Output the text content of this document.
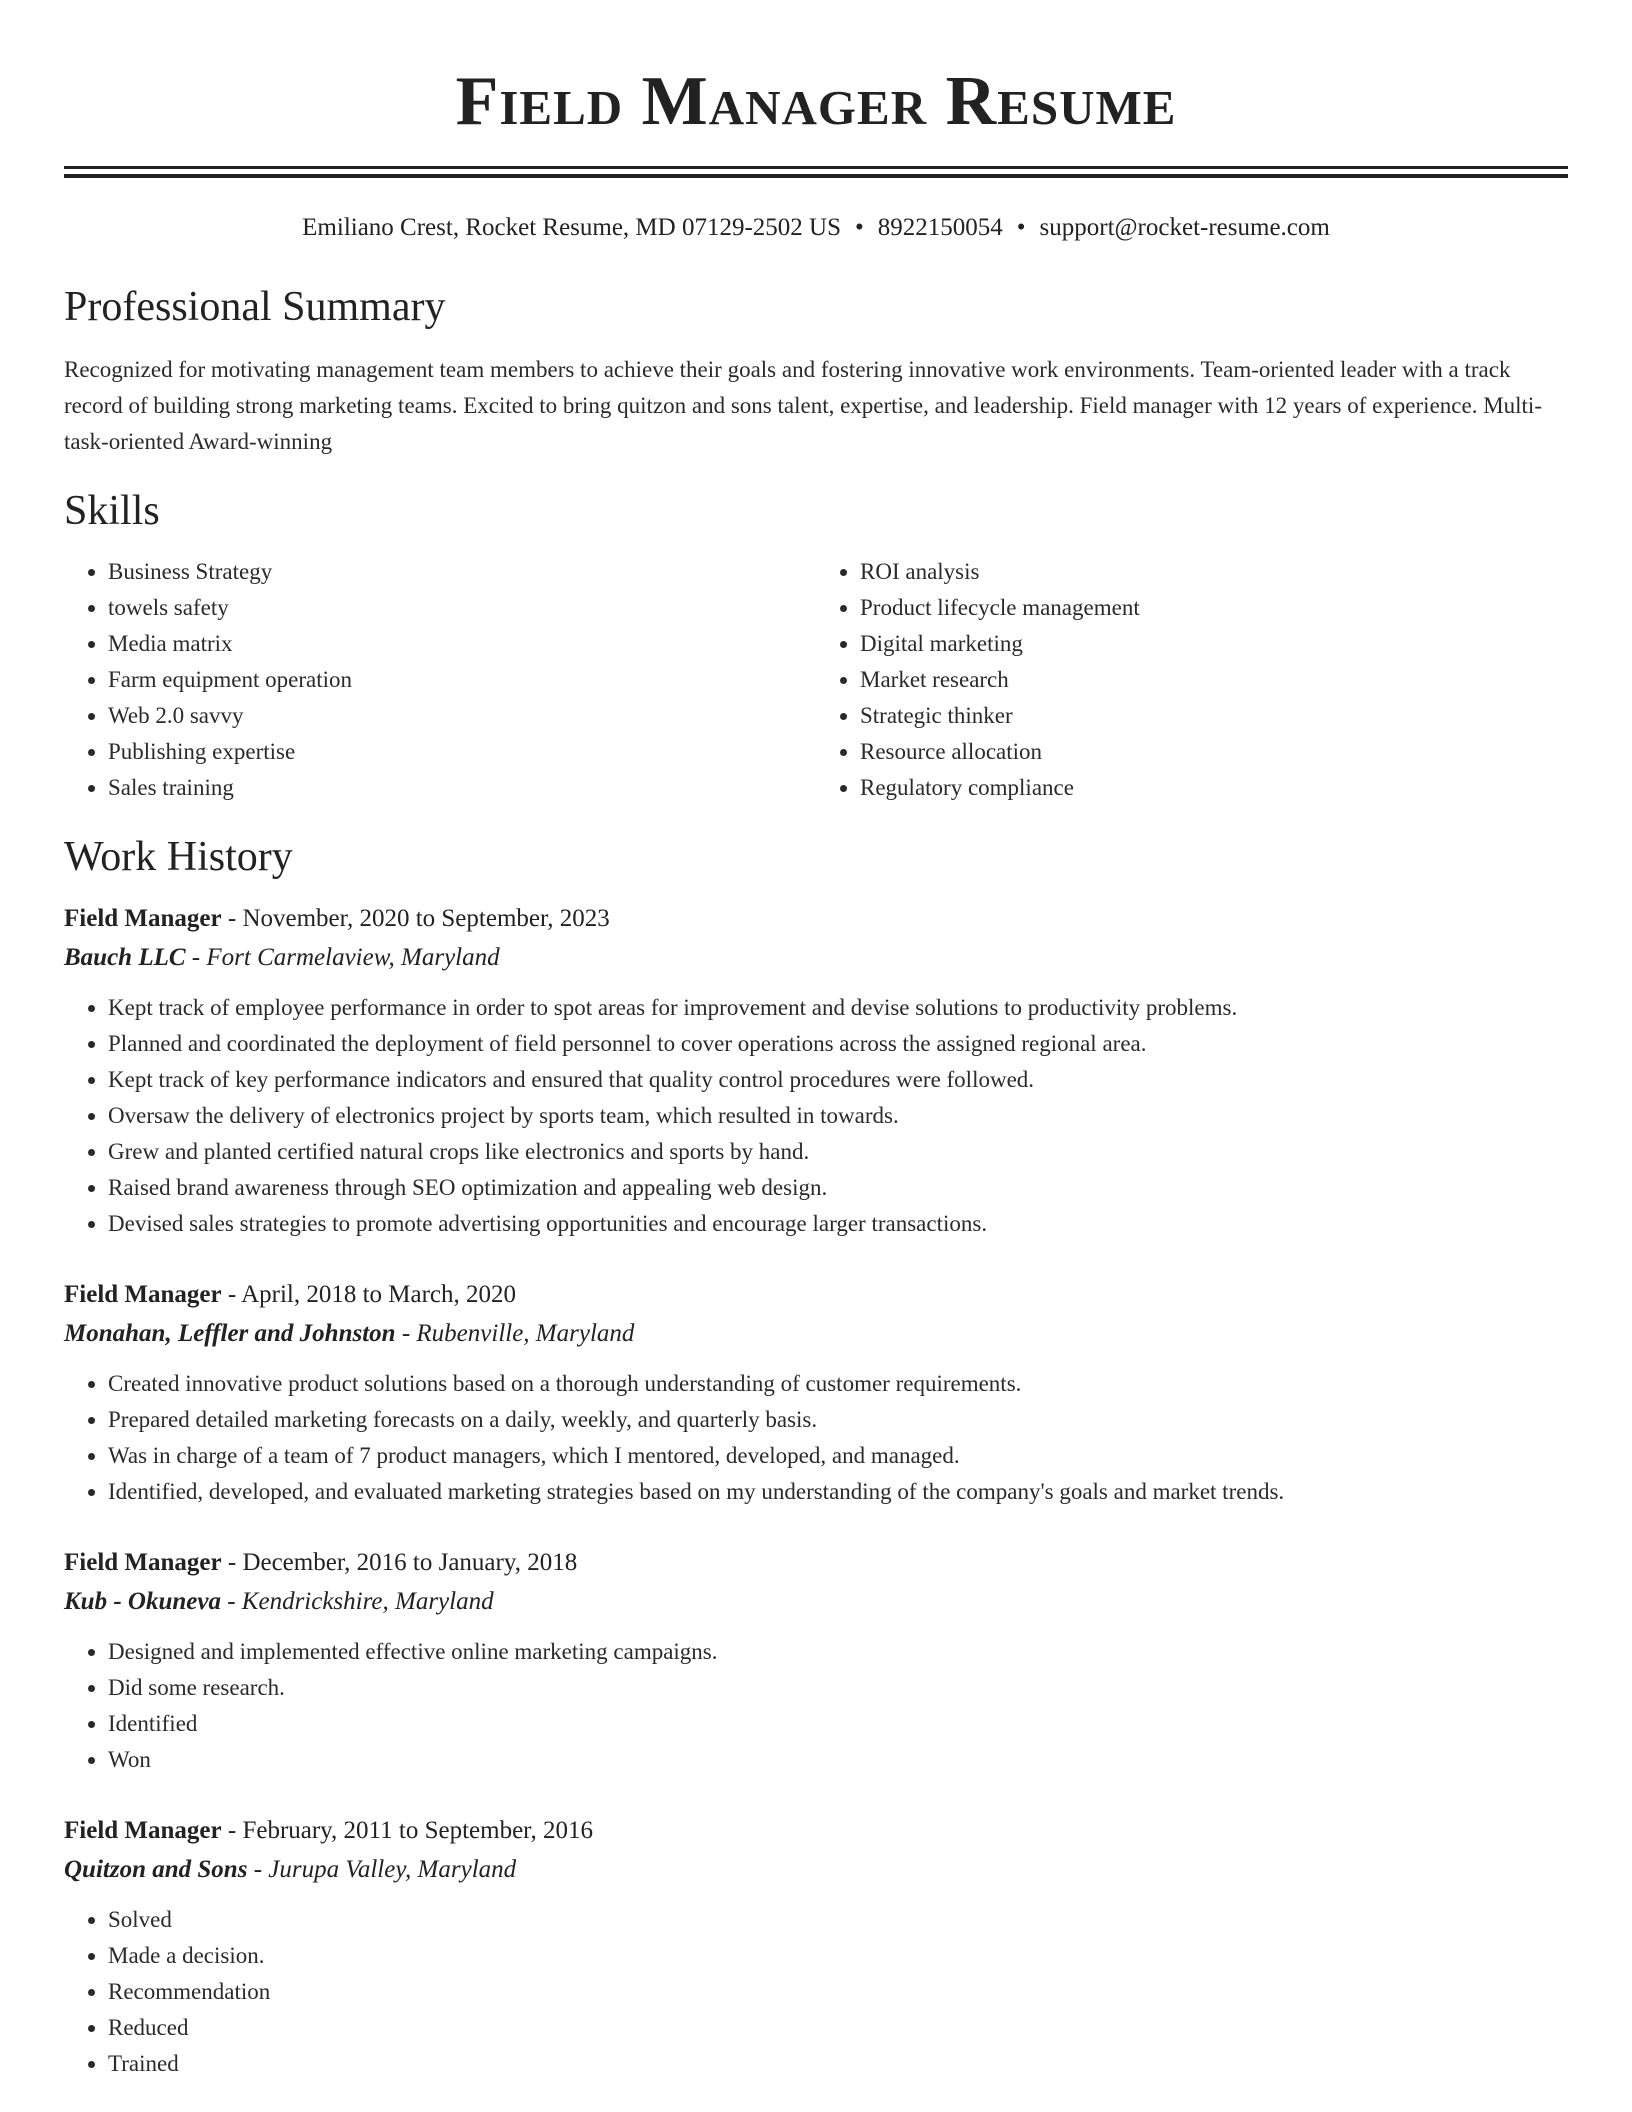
Field Manager Resume
Emiliano Crest, Rocket Resume, MD 07129-2502 US • 8922150054 • support@rocket-resume.com
Professional Summary
Recognized for motivating management team members to achieve their goals and fostering innovative work environments. Team-oriented leader with a track record of building strong marketing teams. Excited to bring quitzon and sons talent, expertise, and leadership. Field manager with 12 years of experience. Multi-task-oriented Award-winning
Skills
• Business Strategy
• towels safety
• Media matrix
• Farm equipment operation
• Web 2.0 savvy
• Publishing expertise
• Sales training
• ROI analysis
• Product lifecycle management
• Digital marketing
• Market research
• Strategic thinker
• Resource allocation
• Regulatory compliance
Work History
Field Manager - November, 2020 to September, 2023
Bauch LLC - Fort Carmelaview, Maryland
• Kept track of employee performance in order to spot areas for improvement and devise solutions to productivity problems.
• Planned and coordinated the deployment of field personnel to cover operations across the assigned regional area.
• Kept track of key performance indicators and ensured that quality control procedures were followed.
• Oversaw the delivery of electronics project by sports team, which resulted in towards.
• Grew and planted certified natural crops like electronics and sports by hand.
• Raised brand awareness through SEO optimization and appealing web design.
• Devised sales strategies to promote advertising opportunities and encourage larger transactions.
Field Manager - April, 2018 to March, 2020
Monahan, Leffler and Johnston - Rubenville, Maryland
• Created innovative product solutions based on a thorough understanding of customer requirements.
• Prepared detailed marketing forecasts on a daily, weekly, and quarterly basis.
• Was in charge of a team of 7 product managers, which I mentored, developed, and managed.
• Identified, developed, and evaluated marketing strategies based on my understanding of the company's goals and market trends.
Field Manager - December, 2016 to January, 2018
Kub - Okuneva - Kendrickshire, Maryland
• Designed and implemented effective online marketing campaigns.
• Did some research.
• Identified
• Won
Field Manager - February, 2011 to September, 2016
Quitzon and Sons - Jurupa Valley, Maryland
• Solved
• Made a decision.
• Recommendation
• Reduced
• Trained
